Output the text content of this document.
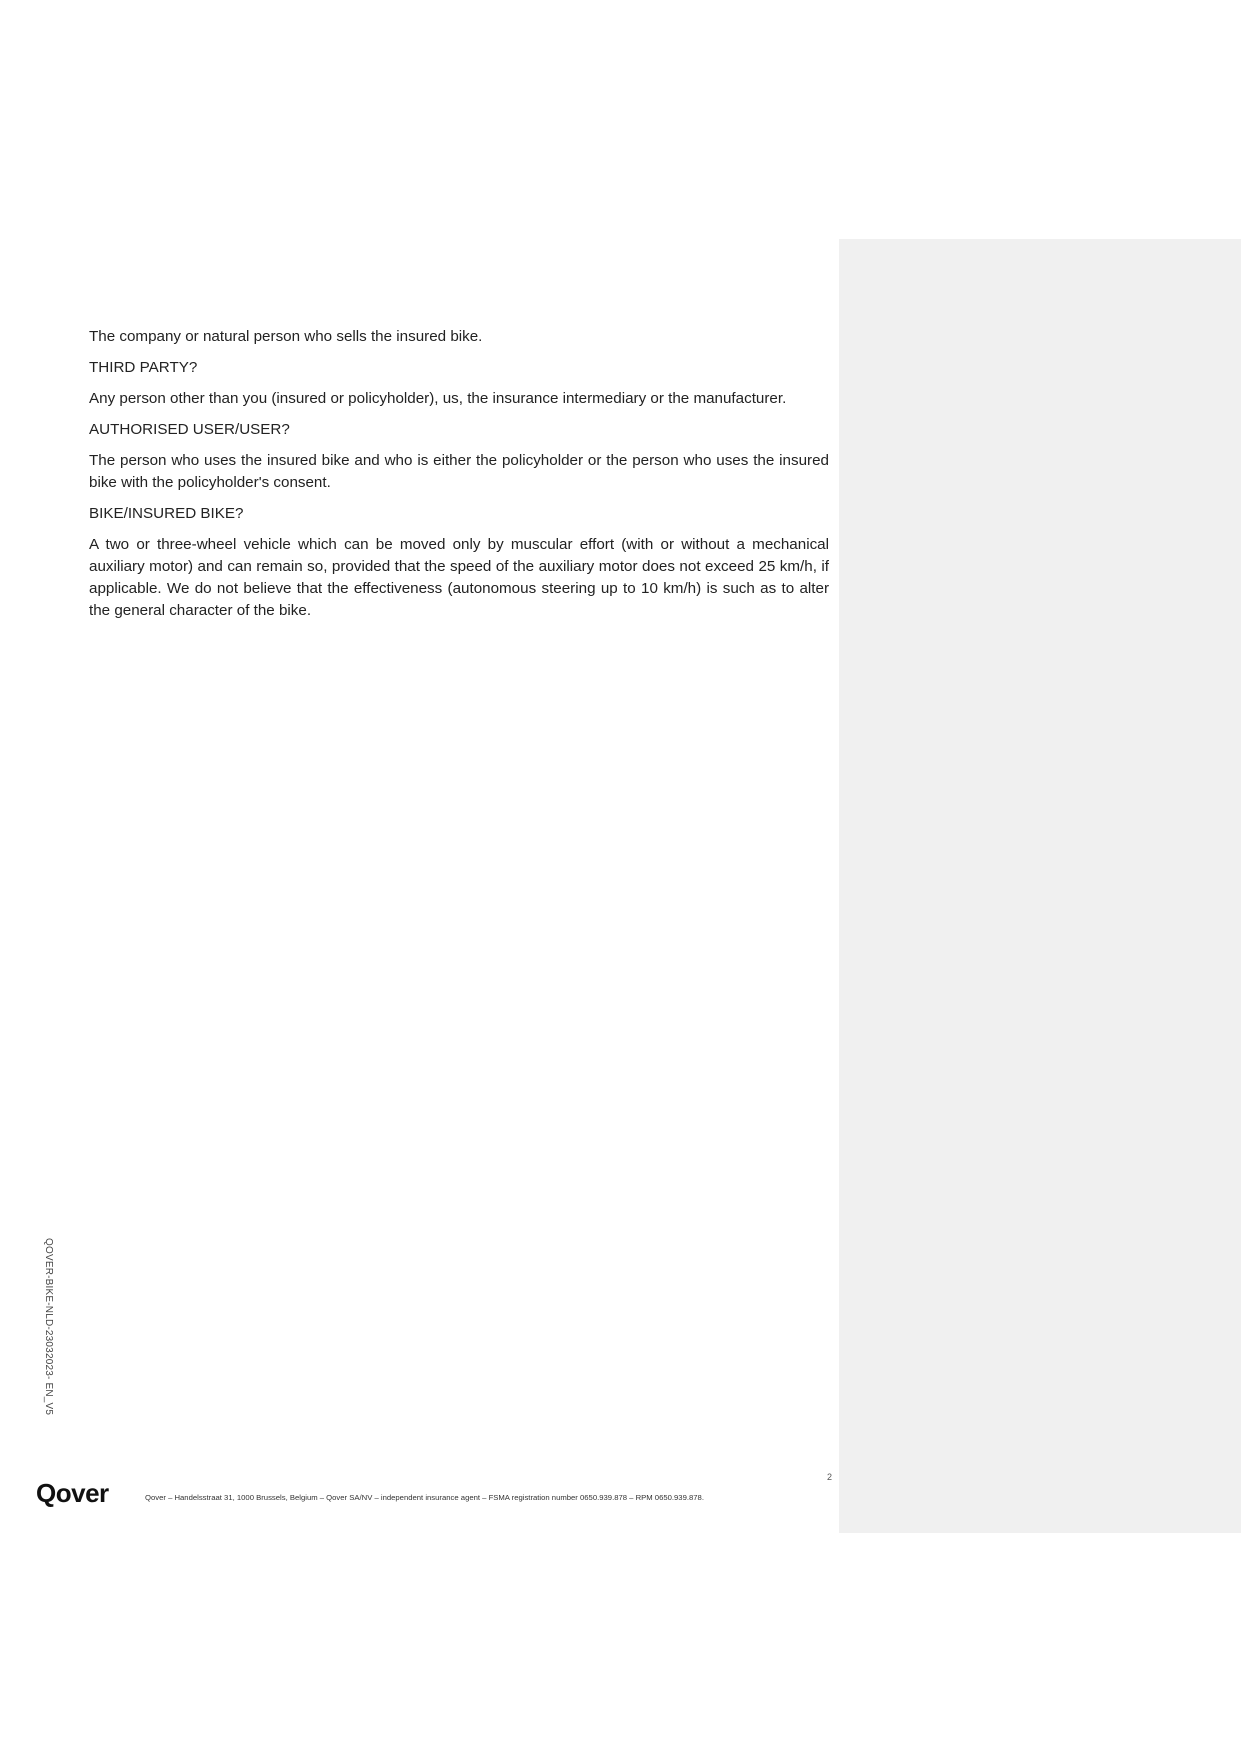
The company or natural person who sells the insured bike.

THIRD PARTY?

Any person other than you (insured or policyholder), us, the insurance intermediary or the manufacturer.

AUTHORISED USER/USER?

The person who uses the insured bike and who is either the policyholder or the person who uses the insured bike with the policyholder's consent.

BIKE/INSURED BIKE?

A two or three-wheel vehicle which can be moved only by muscular effort (with or without a mechanical auxiliary motor) and can remain so, provided that the speed of the auxiliary motor does not exceed 25 km/h, if applicable. We do not believe that the effectiveness (autonomous steering up to 10 km/h) is such as to alter the general character of the bike.

QOVER-BIKE-NLD-23032023- EN_V5
2
Qover	Qover – Handelsstraat 31, 1000 Brussels, Belgium – Qover SA/NV – independent insurance agent – FSMA registration number 0650.939.878 – RPM 0650.939.878.
